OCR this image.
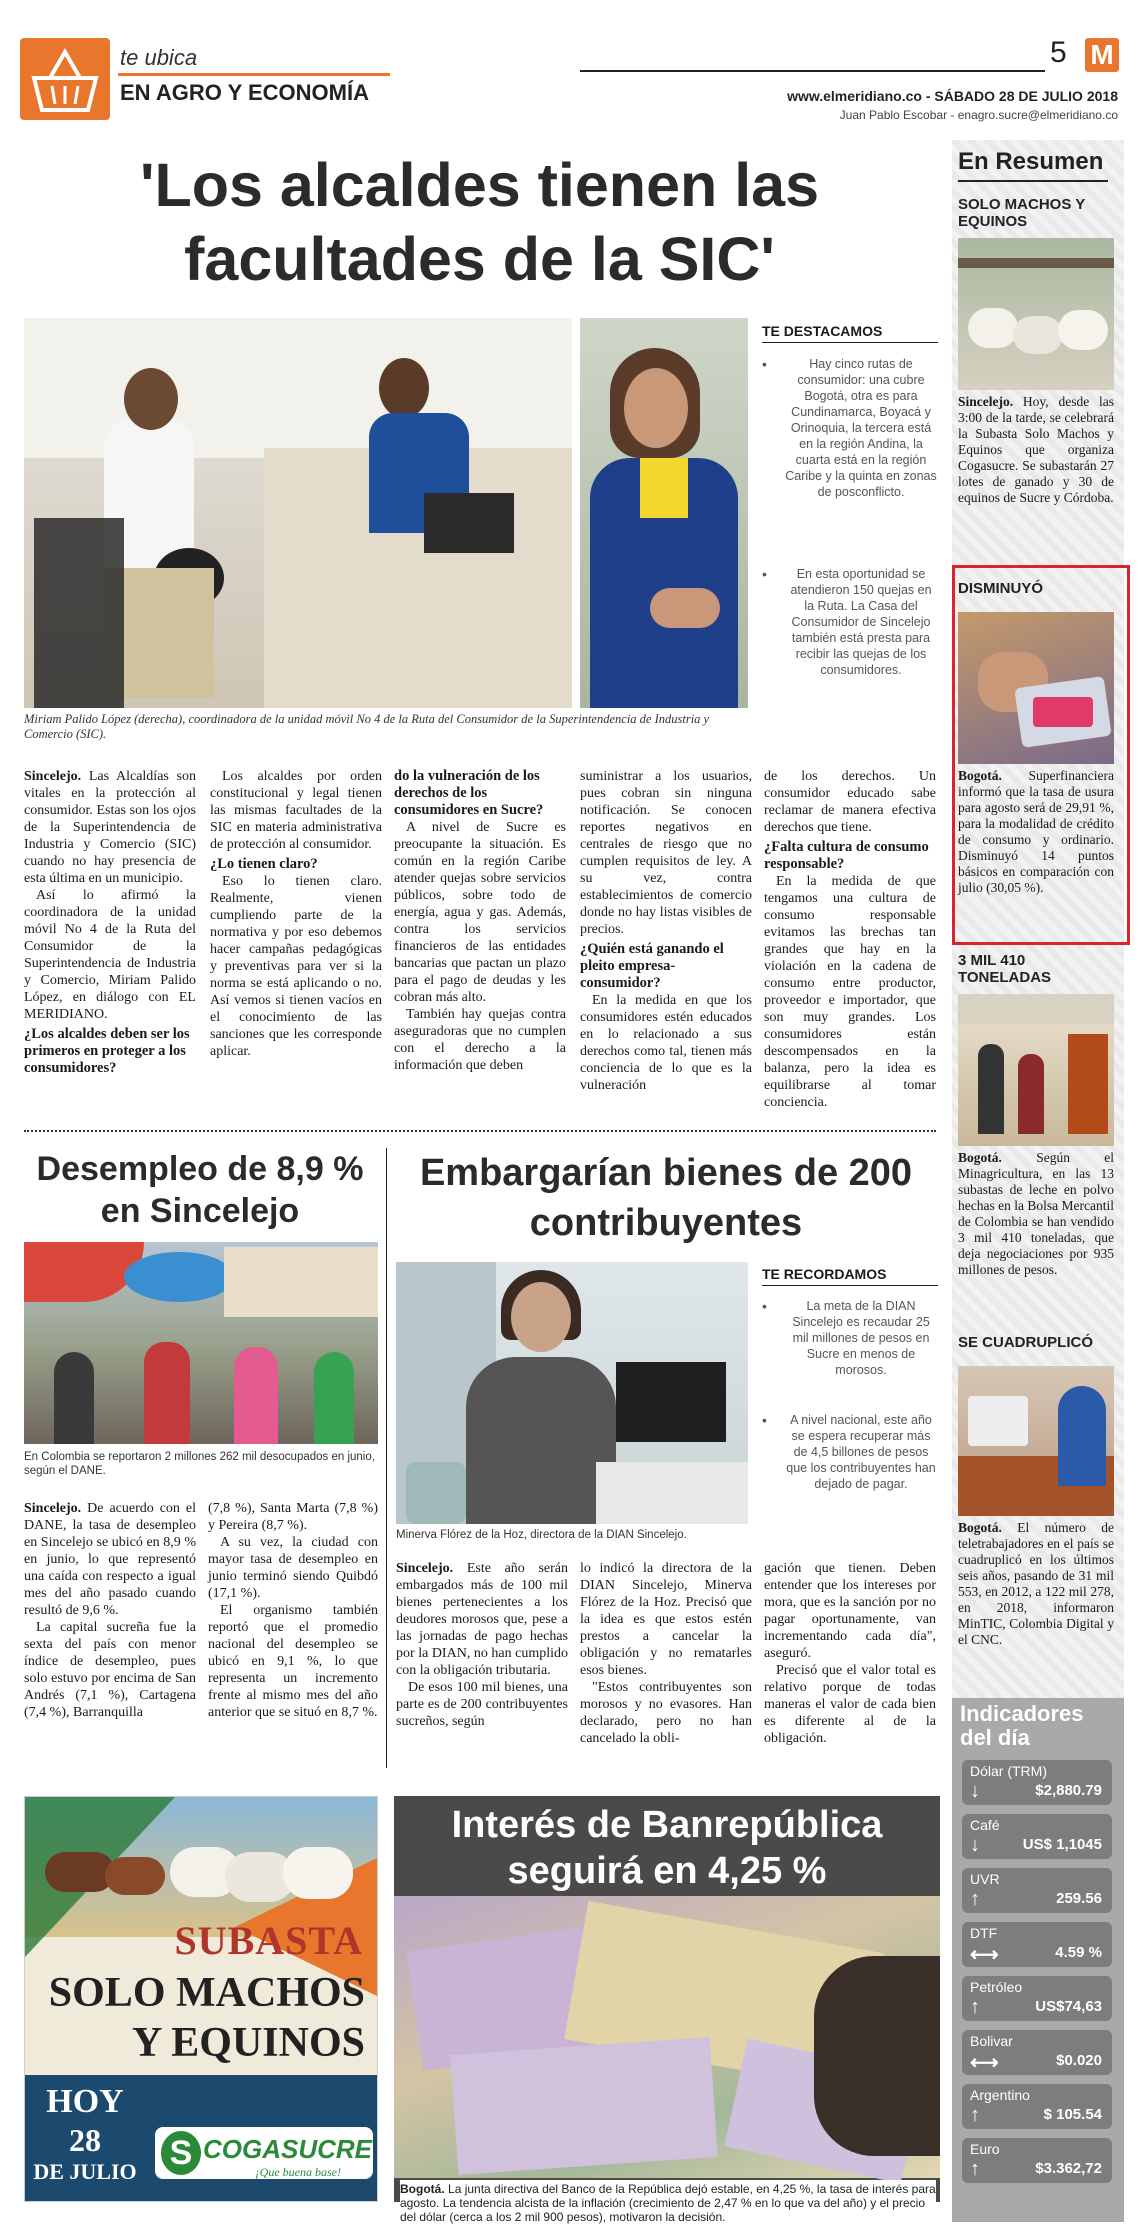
te ubica
EN AGRO Y ECONOMÍA
5 M
www.elmeridiano.co - SÁBADO 28 DE JULIO 2018
Juan Pablo Escobar - enagro.sucre@elmeridiano.co
'Los alcaldes tienen las facultades de la SIC'
Miriam Palido López (derecha), coordinadora de la unidad móvil No 4 de la Ruta del Consumidor de la Superintendencia de Industria y Comercio (SIC).
TE DESTACAMOS
•	Hay cinco rutas de consumidor: una cubre Bogotá, otra es para Cundinamarca, Boyacá y Orinoquia, la tercera está en la región Andina, la cuarta está en la región Caribe y la quinta en zonas de posconflicto.
•	En esta oportunidad se atendieron 150 quejas en la Ruta. La Casa del Consumidor de Sincelejo también está presta para recibir las quejas de los consumidores.

Sincelejo. Las Alcaldías son vitales en la protección al consumidor. Estas son los ojos de la Superintendencia de Industria y Comercio (SIC) cuando no hay presencia de esta última en un municipio.

Así lo afirmó la coordinadora de la unidad móvil No 4 de la Ruta del Consumidor de la Superintendencia de Industria y Comercio, Miriam Palido López, en diálogo con EL MERIDIANO.

¿Los alcaldes deben ser los primeros en proteger a los consumidores?

Los alcaldes por orden constitucional y legal tienen las mismas facultades de la SIC en materia administrativa de protección al consumidor.

¿Lo tienen claro?

Eso lo tienen claro. Realmente, vienen cumpliendo parte de la normativa y por eso debemos hacer campañas pedagógicas y preventivas para ver si la norma se está aplicando o no. Así vemos si tienen vacíos en el conocimiento de las sanciones que les corresponde aplicar.

do la vulneración de los derechos de los consumidores en Sucre?

A nivel de Sucre es preocupante la situación. Es común en la región Caribe atender quejas sobre servicios públicos, sobre todo de energía, agua y gas. Además, contra los servicios financieros de las entidades bancarias que pactan un plazo para el pago de deudas y les cobran más alto.

También hay quejas contra aseguradoras que no cumplen con el derecho a la información que deben

suministrar a los usuarios, pues cobran sin ninguna notificación. Se conocen reportes negativos en centrales de riesgo que no cumplen requisitos de ley. A su vez, contra establecimientos de comercio donde no hay listas visibles de precios.

¿Quién está ganando el pleito empresa-consumidor?

En la medida en que los consumidores estén educados en lo relacionado a sus derechos como tal, tienen más conciencia de lo que es la vulneración

de los derechos. Un consumidor educado sabe reclamar de manera efectiva derechos que tiene.

¿Falta cultura de consumo responsable?

En la medida de que tengamos una cultura de consumo responsable evitamos las brechas tan grandes que hay en la violación en la cadena de consumo entre productor, proveedor e importador, que son muy grandes. Los consumidores están descompensados en la balanza, pero la idea es equilibrarse al tomar conciencia.

Desempleo de 8,9 % en Sincelejo
En Colombia se reportaron 2 millones 262 mil desocupados en junio, según el DANE.

Sincelejo. De acuerdo con el DANE, la tasa de desempleo en Sincelejo se ubicó en 8,9 % en junio, lo que representó una caída con respecto a igual mes del año pasado cuando resultó de 9,6 %.

La capital sucreña fue la sexta del país con menor índice de desempleo, pues solo estuvo por encima de San Andrés (7,1 %), Cartagena (7,4 %), Barranquilla

(7,8 %), Santa Marta (7,8 %) y Pereira (8,7 %).

A su vez, la ciudad con mayor tasa de desempleo en junio terminó siendo Quibdó (17,1 %).

El organismo también reportó que el promedio nacional del desempleo se ubicó en 9,1 %, lo que representa un incremento frente al mismo mes del año anterior que se situó en 8,7 %.

Embargarían bienes de 200 contribuyentes
Minerva Flórez de la Hoz, directora de la DIAN Sincelejo.
TE RECORDAMOS
•	La meta de la DIAN Sincelejo es recaudar 25 mil millones de pesos en Sucre en menos de morosos.
•	A nivel nacional, este año se espera recuperar más de 4,5 billones de pesos que los contribuyentes han dejado de pagar.

Sincelejo. Este año serán embargados más de 100 mil bienes pertenecientes a los deudores morosos que, pese a las jornadas de pago hechas por la DIAN, no han cumplido con la obligación tributaria.

De esos 100 mil bienes, una parte es de 200 contribuyentes sucreños, según

lo indicó la directora de la DIAN Sincelejo, Minerva Flórez de la Hoz. Precisó que la idea es que estos estén prestos a cancelar la obligación y no rematarles esos bienes.

"Estos contribuyentes son morosos y no evasores. Han declarado, pero no han cancelado la obli-

gación que tienen. Deben entender que los intereses por mora, que es la sanción por no pagar oportunamente, van incrementando cada día", aseguró.

Precisó que el valor total es relativo porque de todas maneras el valor de cada bien es diferente al de la obligación.

SUBASTA
SOLO MACHOS
Y EQUINOS
HOY
28
DE JULIO S COGASUCRE
¡Que buena base!
Interés de Banrepública seguirá en 4,25 %
Bogotá. La junta directiva del Banco de la República dejó estable, en 4,25 %, la tasa de interés para agosto. La tendencia alcista de la inflación (crecimiento de 2,47 % en lo que va del año) y el precio del dólar (cerca a los 2 mil 900 pesos), motivaron la decisión.
En Resumen
SOLO MACHOS Y EQUINOS
Sincelejo. Hoy, desde las 3:00 de la tarde, se celebrará la Subasta Solo Machos y Equinos que organiza Cogasucre. Se subastarán 27 lotes de ganado y 30 de equinos de Sucre y Córdoba.
DISMINUYÓ
Bogotá. Superfinanciera informó que la tasa de usura para agosto será de 29,91 %, para la modalidad de crédito de consumo y ordinario. Disminuyó 14 puntos básicos en comparación con julio (30,05 %).
3 MIL 410 TONELADAS
Bogotá.	Según el Minagricultura, en las 13 subastas de leche en polvo hechas en la Bolsa Mercantil de Colombia se han vendido 3 mil 410 toneladas, que deja negociaciones por 935 millones de pesos.
SE CUADRUPLICÓ
Bogotá. El número de teletrabajadores en el país se cuadruplicó en los últimos seis años, pasando de 31 mil 553, en 2012, a 122 mil 278, en 2018, informaron MinTIC, Colombia Digital y el CNC.
Indicadores del día
Dólar (TRM)
↓	$2,880.79
Café
↓	US$ 1,1045
UVR
↑	259.56
DTF
⟷	4.59 %
Petróleo
↑	US$74,63
Bolivar
⟷	$0.020
Argentino
↑	$ 105.54
Euro
↑	$3.362,72
